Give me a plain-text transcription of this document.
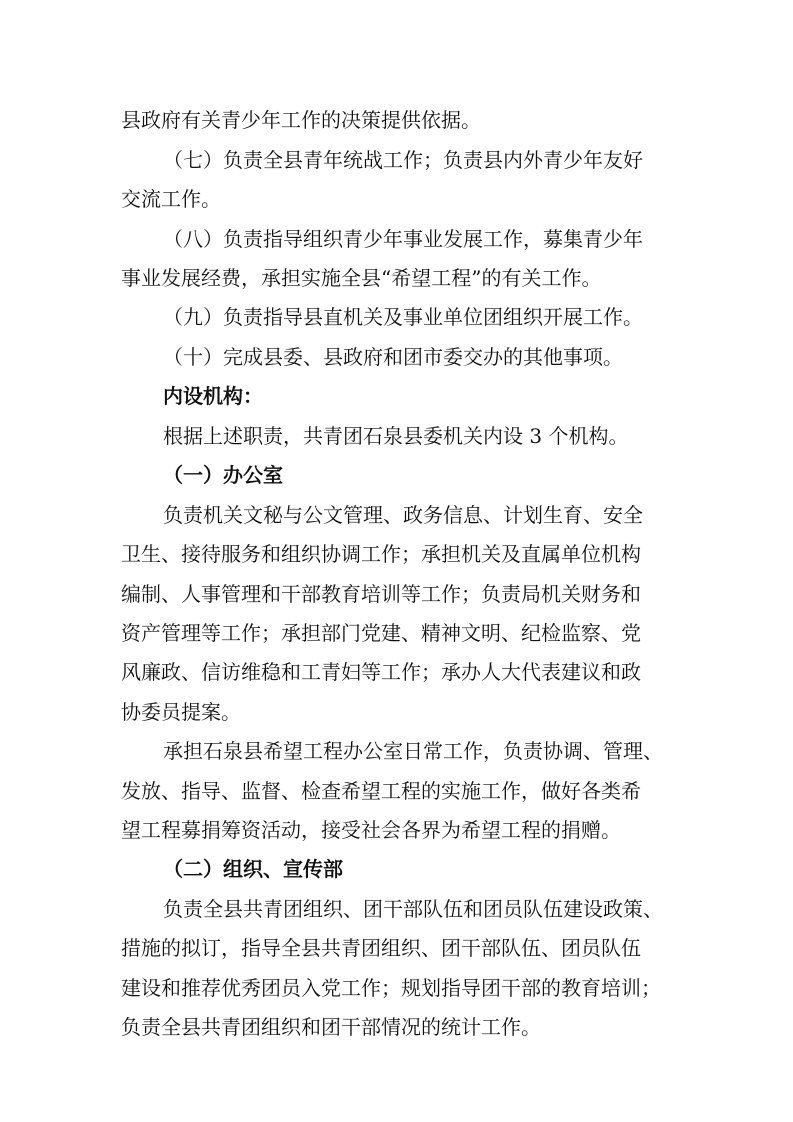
县政府有关青少年工作的决策提供依据。

（七）负责全县青年统战工作；负责县内外青少年友好

交流工作。

（八）负责指导组织青少年事业发展工作，募集青少年

事业发展经费，承担实施全县“希望工程”的有关工作。

（九）负责指导县直机关及事业单位团组织开展工作。

（十）完成县委、县政府和团市委交办的其他事项。

内设机构：

根据上述职责，共青团石泉县委机关内设 3 个机构。

（一）办公室

负责机关文秘与公文管理、政务信息、计划生育、安全

卫生、接待服务和组织协调工作；承担机关及直属单位机构

编制、人事管理和干部教育培训等工作；负责局机关财务和

资产管理等工作；承担部门党建、精神文明、纪检监察、党

风廉政、信访维稳和工青妇等工作；承办人大代表建议和政

协委员提案。

承担石泉县希望工程办公室日常工作，负责协调、管理、

发放、指导、监督、检查希望工程的实施工作，做好各类希

望工程募捐筹资活动，接受社会各界为希望工程的捐赠。

（二）组织、宣传部

负责全县共青团组织、团干部队伍和团员队伍建设政策、

措施的拟订，指导全县共青团组织、团干部队伍、团员队伍

建设和推荐优秀团员入党工作；规划指导团干部的教育培训；

负责全县共青团组织和团干部情况的统计工作。
